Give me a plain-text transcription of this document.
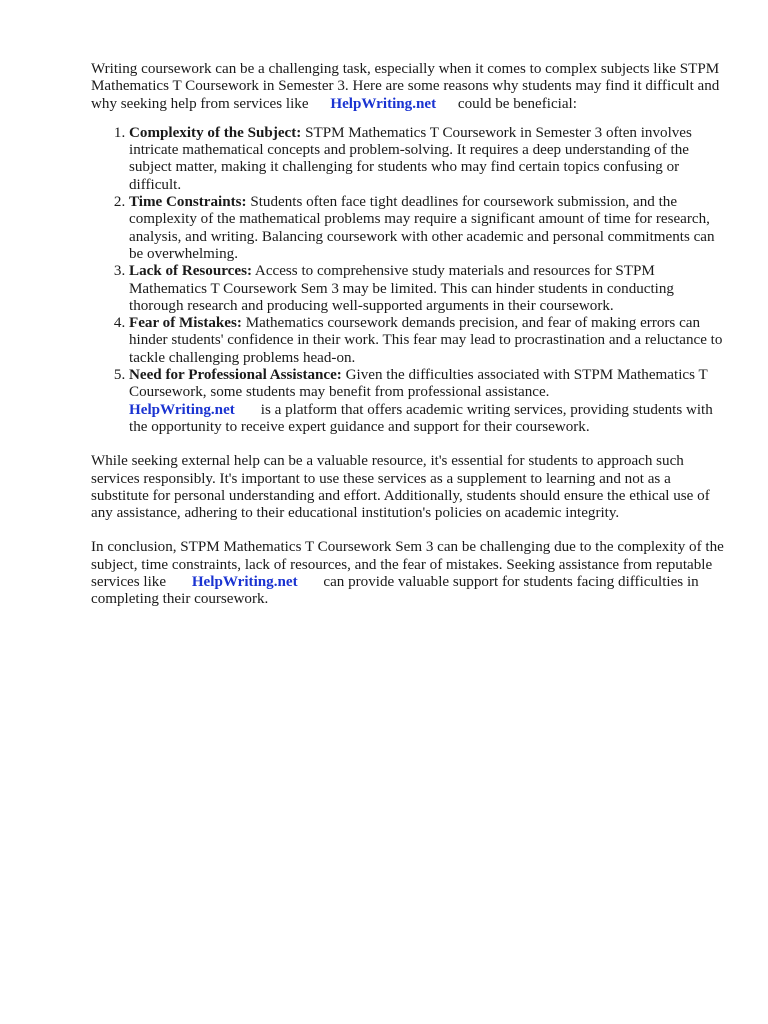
Writing coursework can be a challenging task, especially when it comes to complex subjects like STPM Mathematics T Coursework in Semester 3. Here are some reasons why students may find it difficult and why seeking help from services like HelpWriting.net could be beneficial:

1. Complexity of the Subject: STPM Mathematics T Coursework in Semester 3 often involves intricate mathematical concepts and problem-solving. It requires a deep understanding of the subject matter, making it challenging for students who may find certain topics confusing or difficult.
2. Time Constraints: Students often face tight deadlines for coursework submission, and the complexity of the mathematical problems may require a significant amount of time for research, analysis, and writing. Balancing coursework with other academic and personal commitments can be overwhelming.
3. Lack of Resources: Access to comprehensive study materials and resources for STPM Mathematics T Coursework Sem 3 may be limited. This can hinder students in conducting thorough research and producing well-supported arguments in their coursework.
4. Fear of Mistakes: Mathematics coursework demands precision, and fear of making errors can hinder students' confidence in their work. This fear may lead to procrastination and a reluctance to tackle challenging problems head-on.
5. Need for Professional Assistance: Given the difficulties associated with STPM Mathematics T Coursework, some students may benefit from professional assistance.
HelpWriting.net is a platform that offers academic writing services, providing students with the opportunity to receive expert guidance and support for their coursework.

While seeking external help can be a valuable resource, it's essential for students to approach such services responsibly. It's important to use these services as a supplement to learning and not as a substitute for personal understanding and effort. Additionally, students should ensure the ethical use of any assistance, adhering to their educational institution's policies on academic integrity.

In conclusion, STPM Mathematics T Coursework Sem 3 can be challenging due to the complexity of the subject, time constraints, lack of resources, and the fear of mistakes. Seeking assistance from reputable services like HelpWriting.net can provide valuable support for students facing difficulties in completing their coursework.
